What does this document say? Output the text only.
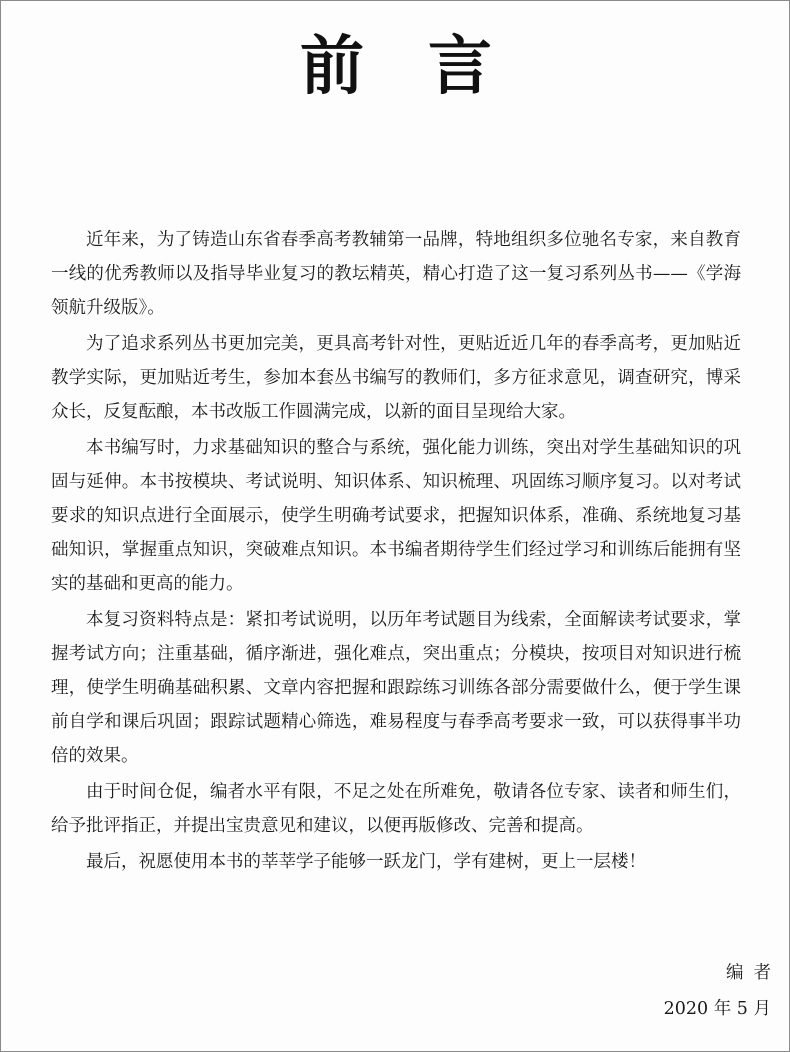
前言

近年来，为了铸造山东省春季高考教辅第一品牌，特地组织多位驰名专家，来自教育一线的优秀教师以及指导毕业复习的教坛精英，精心打造了这一复习系列丛书——《学海领航升级版》。

为了追求系列丛书更加完美，更具高考针对性，更贴近近几年的春季高考，更加贴近教学实际，更加贴近考生，参加本套丛书编写的教师们，多方征求意见，调查研究，博采众长，反复酝酿，本书改版工作圆满完成，以新的面目呈现给大家。

本书编写时，力求基础知识的整合与系统，强化能力训练，突出对学生基础知识的巩固与延伸。本书按模块、考试说明、知识体系、知识梳理、巩固练习顺序复习。以对考试要求的知识点进行全面展示，使学生明确考试要求，把握知识体系，准确、系统地复习基础知识，掌握重点知识，突破难点知识。本书编者期待学生们经过学习和训练后能拥有坚实的基础和更高的能力。

本复习资料特点是：紧扣考试说明，以历年考试题目为线索，全面解读考试要求，掌握考试方向；注重基础，循序渐进，强化难点，突出重点；分模块，按项目对知识进行梳理，使学生明确基础积累、文章内容把握和跟踪练习训练各部分需要做什么，便于学生课前自学和课后巩固；跟踪试题精心筛选，难易程度与春季高考要求一致，可以获得事半功倍的效果。

由于时间仓促，编者水平有限，不足之处在所难免，敬请各位专家、读者和师生们，给予批评指正，并提出宝贵意见和建议，以便再版修改、完善和提高。

最后，祝愿使用本书的莘莘学子能够一跃龙门，学有建树，更上一层楼！

编者
2020 年 5 月
